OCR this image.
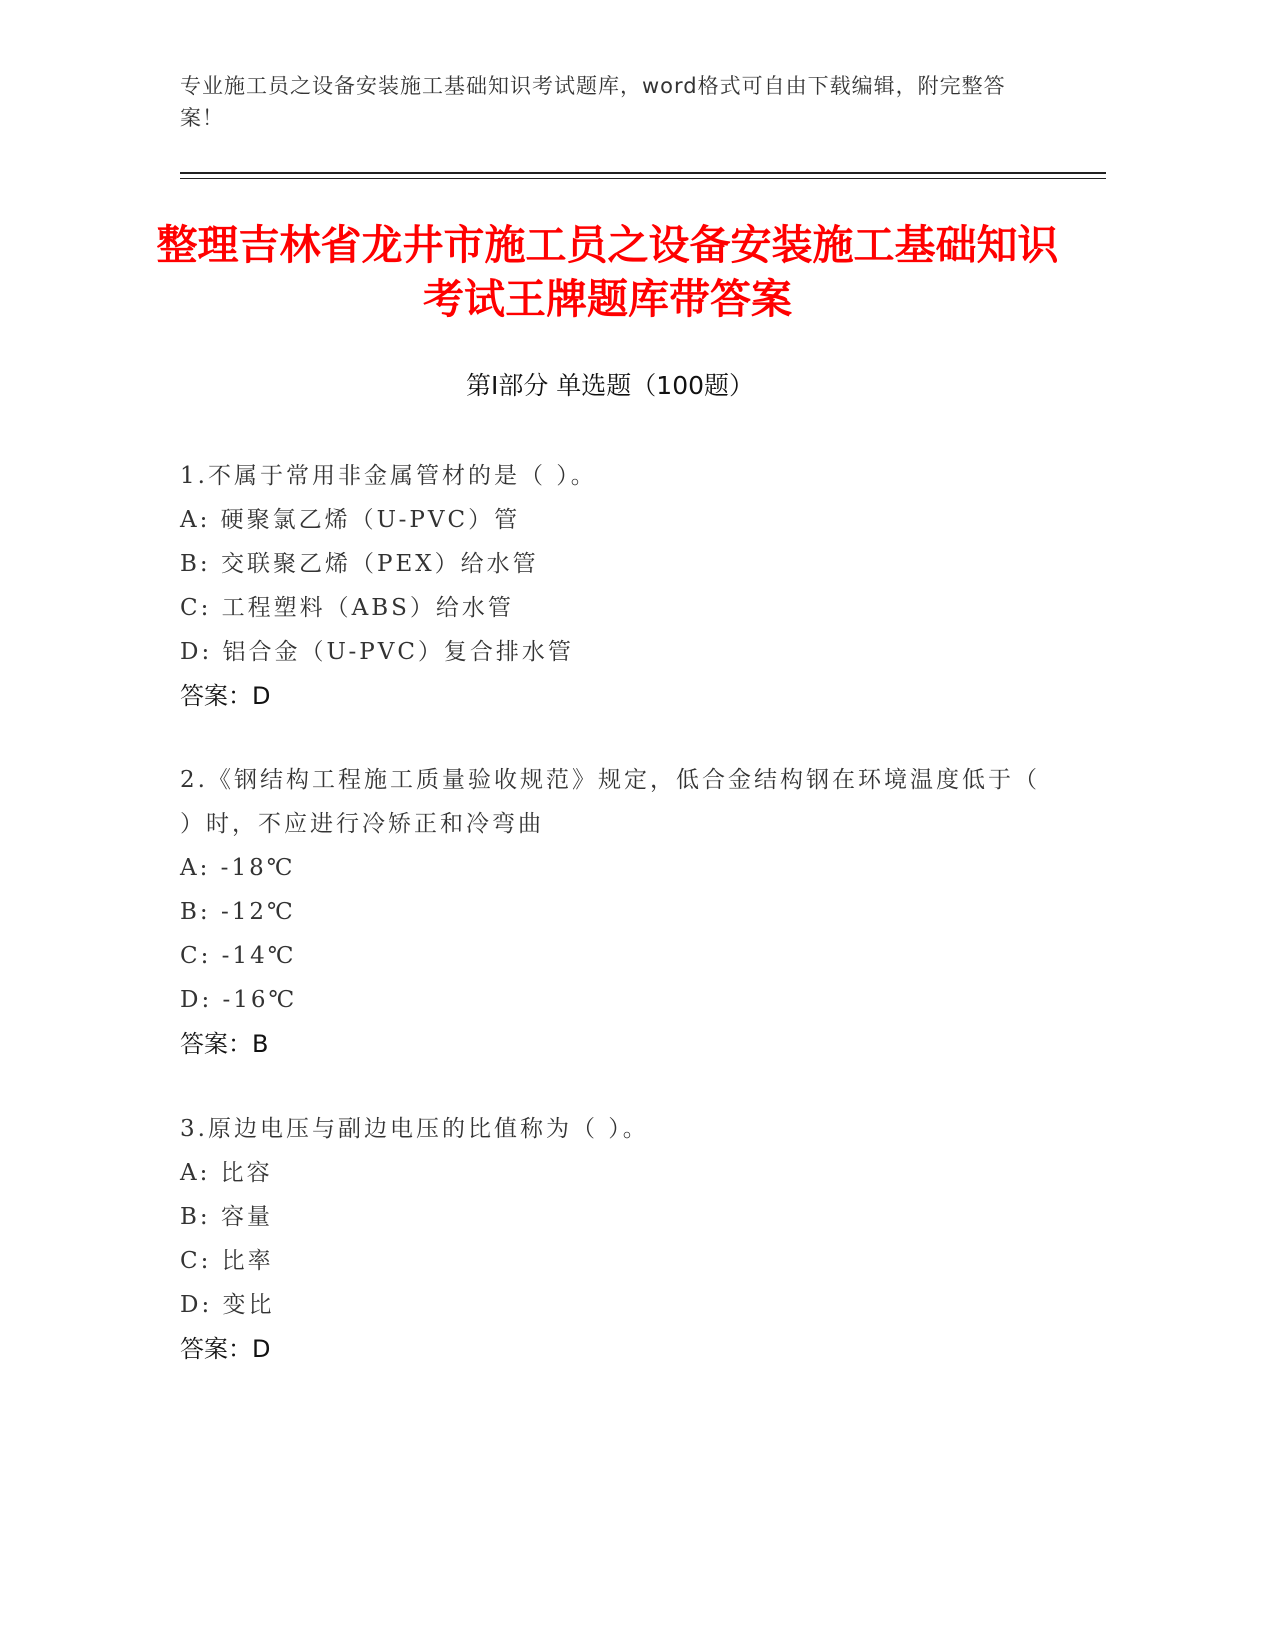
专业施工员之设备安装施工基础知识考试题库，word格式可自由下载编辑，附完整答案！
整理吉林省龙井市施工员之设备安装施工基础知识考试王牌题库带答案
第Ⅰ部分 单选题（100题）

1.不属于常用非金属管材的是（ ）。

A: 硬聚氯乙烯（U-PVC）管

B: 交联聚乙烯（PEX）给水管

C: 工程塑料（ABS）给水管

D: 铝合金（U-PVC）复合排水管

答案：D

2.《钢结构工程施工质量验收规范》规定，低合金结构钢在环境温度低于（ ）时，不应进行冷矫正和冷弯曲

A: -18℃

B: -12℃

C: -14℃

D: -16℃

答案：B

3.原边电压与副边电压的比值称为（ ）。

A: 比容

B: 容量

C: 比率

D: 变比

答案：D
